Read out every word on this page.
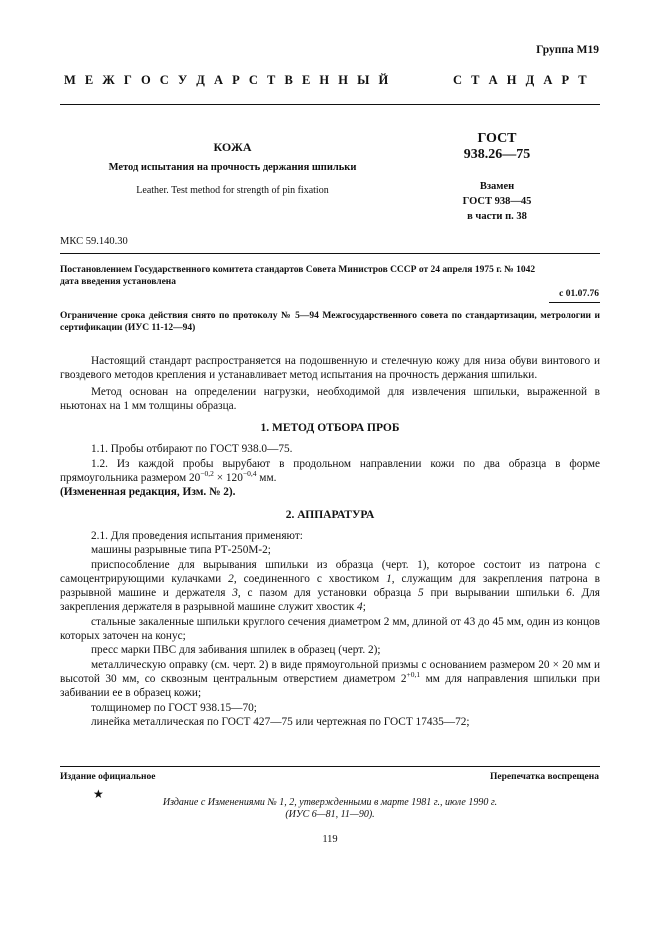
Группа М19
М Е Ж Г О С У Д А Р С Т В Е Н Н Ы Й	С Т А Н Д А Р Т
КОЖА
Метод испытания на прочность держания шпильки
Leather. Test method for strength of pin fixation
ГОСТ
938.26—75
Взамен
ГОСТ 938—45
в части п. 38
МКС 59.140.30
Постановлением Государственного комитета стандартов Совета Министров СССР от 24 апреля 1975 г. № 1042
дата введения установлена
с 01.07.76
Ограничение срока действия снято по протоколу № 5—94 Межгосударственного совета по стандартизации, метрологии и сертификации (ИУС 11-12—94)
Настоящий стандарт распространяется на подошвенную и стелечную кожу для низа обуви винтового и гвоздевого методов крепления и устанавливает метод испытания на прочность держания шпильки.
Метод основан на определении нагрузки, необходимой для извлечения шпильки, выраженной в ньютонах на 1 мм толщины образца.
1. МЕТОД ОТБОРА ПРОБ
1.1. Пробы отбирают по ГОСТ 938.0—75.
1.2. Из каждой пробы вырубают в продольном направлении кожи по два образца в форме прямоугольника размером $20^{-0,2} \times 120^{-0,4}$ мм.
(Измененная редакция, Изм. № 2).
2. АППАРАТУРА
2.1. Для проведения испытания применяют:
машины разрывные типа РТ-250М-2;
приспособление для вырывания шпильки из образца (черт. 1), которое состоит из патрона с самоцентрирующими кулачками 2, соединенного с хвостиком 1, служащим для закрепления патрона в разрывной машине и держателя 3, с пазом для установки образца 5 при вырывании шпильки 6. Для закрепления держателя в разрывной машине служит хвостик 4;
стальные закаленные шпильки круглого сечения диаметром 2 мм, длиной от 43 до 45 мм, один из концов которых заточен на конус;
пресс марки ПВС для забивания шпилек в образец (черт. 2);
металлическую оправку (см. черт. 2) в виде прямоугольной призмы с основанием размером 20 × 20 мм и высотой 30 мм, со сквозным центральным отверстием диаметром $2^{+0,1}$ мм для направления шпильки при забивании ее в образец кожи;
толщиномер по ГОСТ 938.15—70;
линейка металлическая по ГОСТ 427—75 или чертежная по ГОСТ 17435—72;
Издание официальное	Перепечатка воспрещена
★
Издание с Изменениями № 1, 2, утвержденными в марте 1981 г., июле 1990 г.
(ИУС 6—81, 11—90).
119
